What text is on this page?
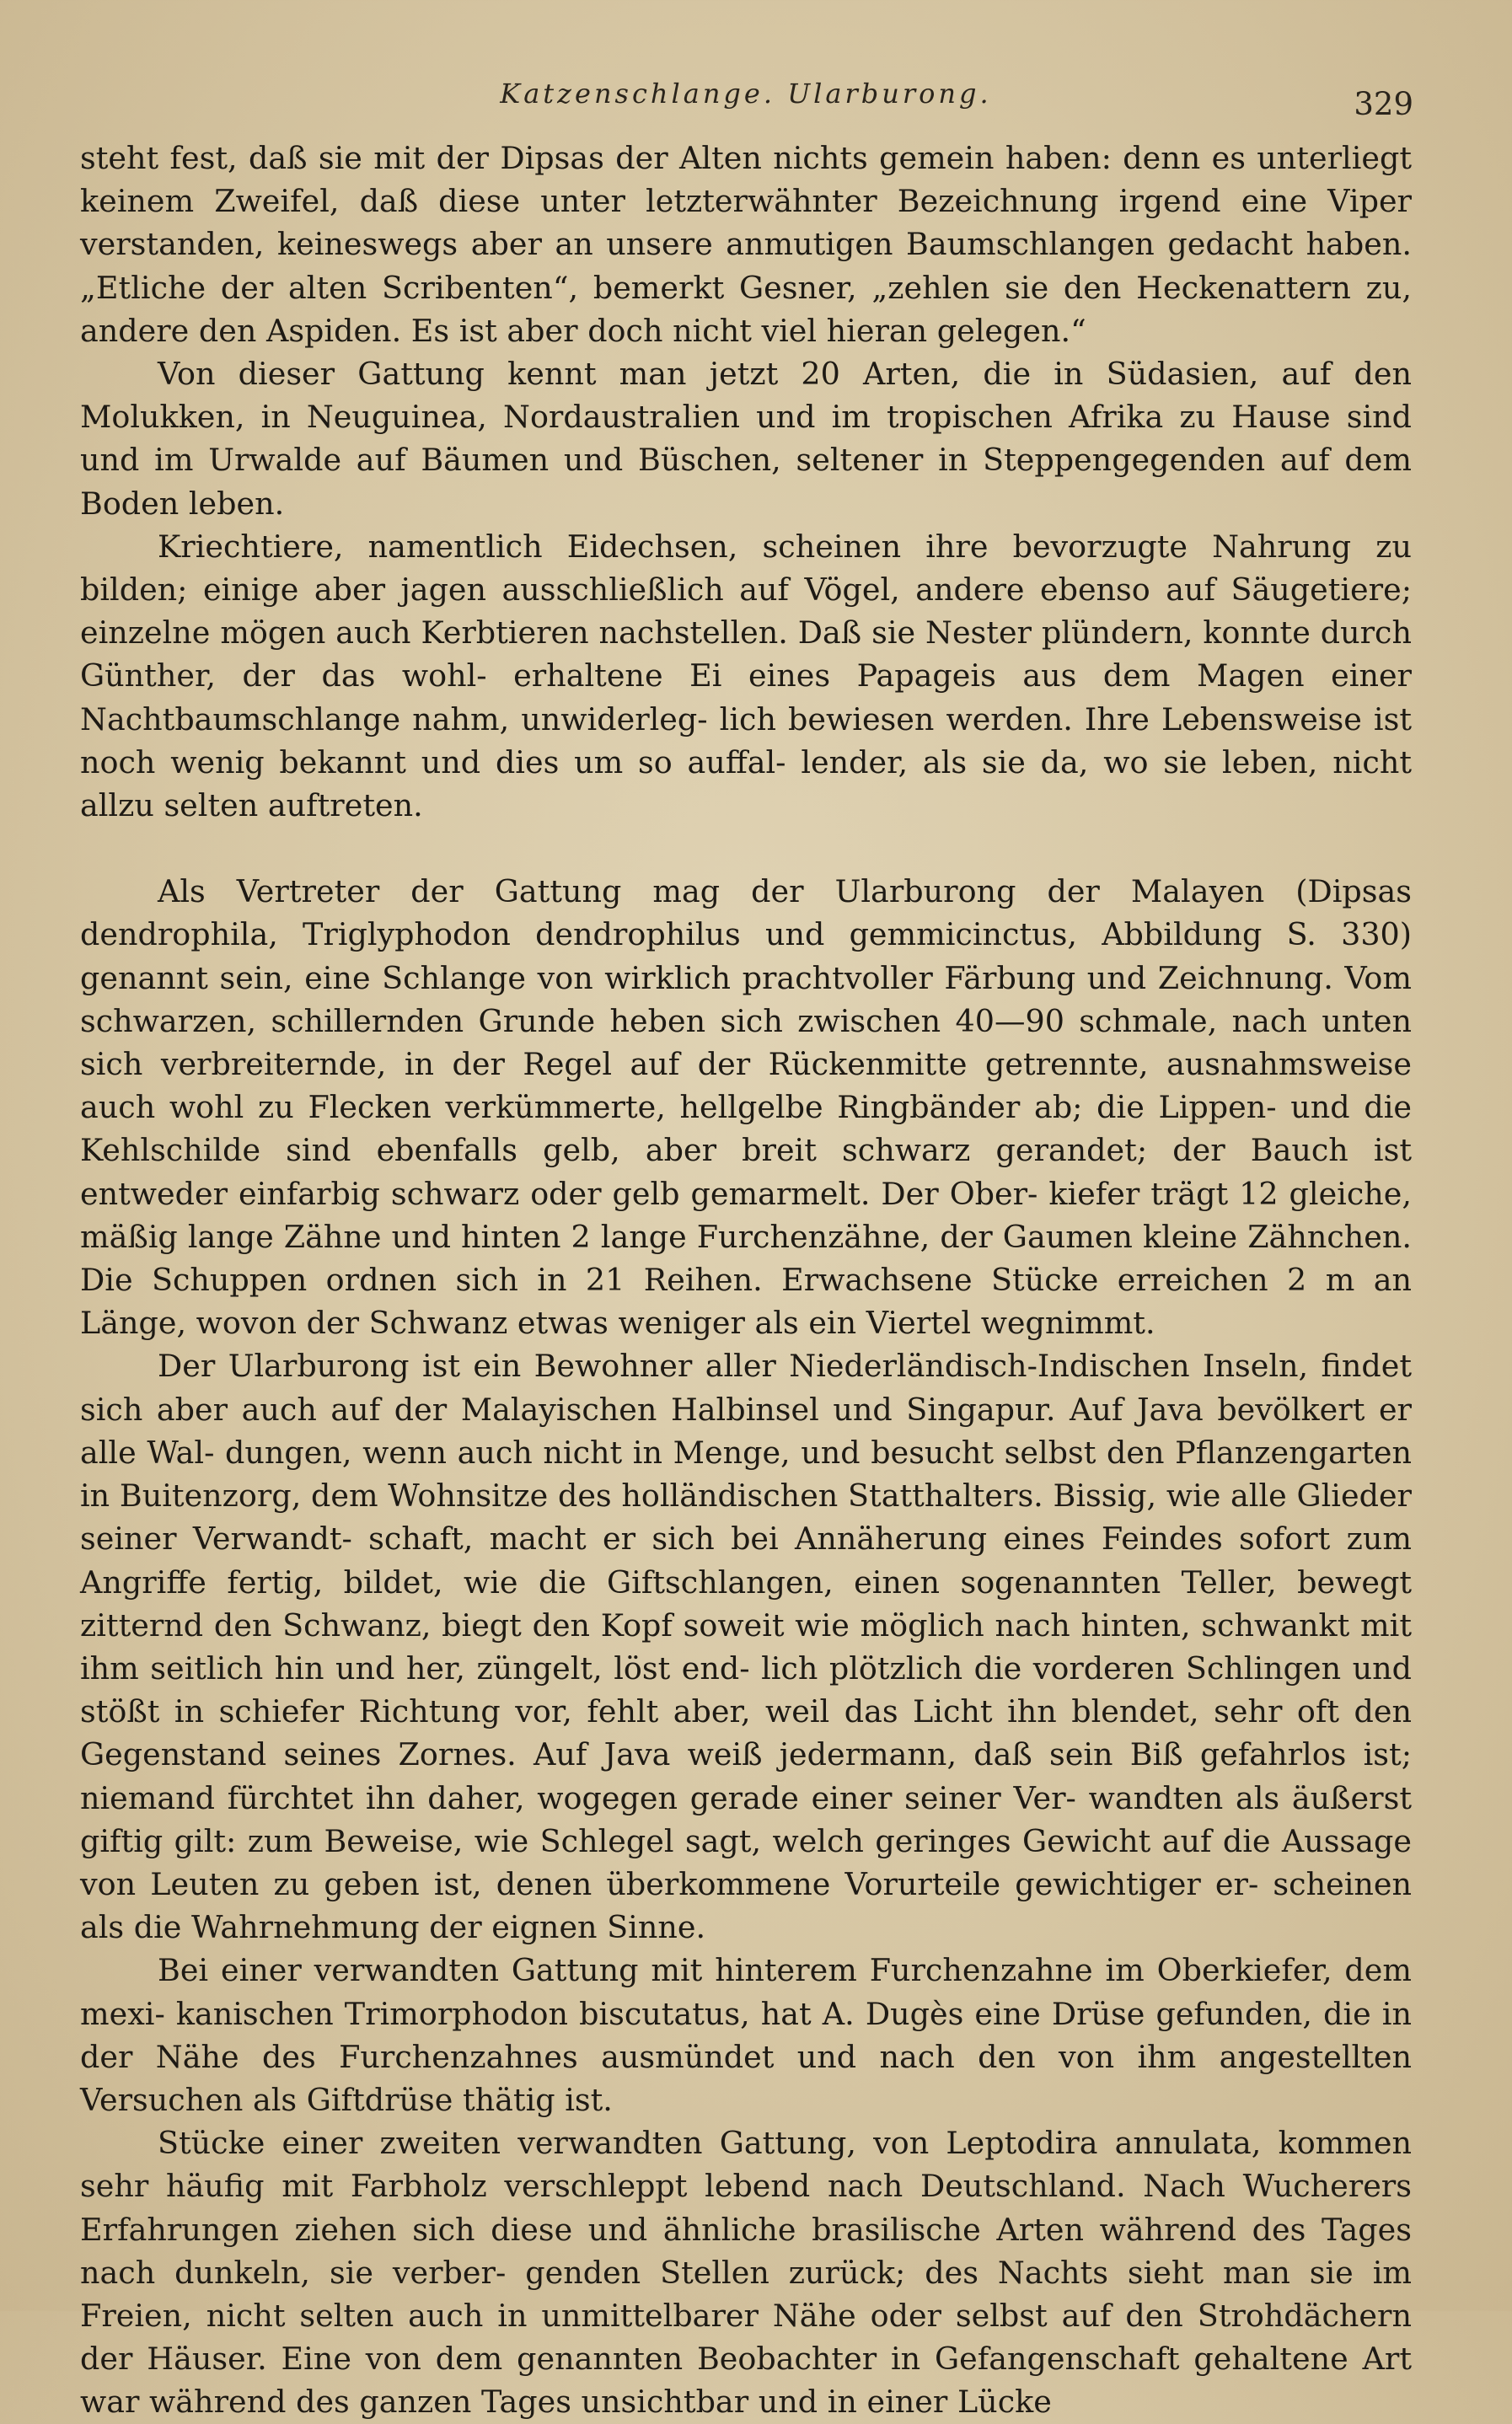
Katzenschlange. Ularburong.	329

steht fest, daß sie mit der Dipsas der Alten nichts gemein haben: denn es unterliegt keinem Zweifel, daß diese unter letzterwähnter Bezeichnung irgend eine Viper verstanden, keineswegs aber an unsere anmutigen Baumschlangen gedacht haben. „Etliche der alten Scribenten“, bemerkt Gesner, „zehlen sie den Heckenattern zu, andere den Aspiden. Es ist aber doch nicht viel hieran gelegen.“

Von dieser Gattung kennt man jetzt 20 Arten, die in Südasien, auf den Molukken, in Neuguinea, Nordaustralien und im tropischen Afrika zu Hause sind und im Urwalde auf Bäumen und Büschen, seltener in Steppengegenden auf dem Boden leben.

Kriechtiere, namentlich Eidechsen, scheinen ihre bevorzugte Nahrung zu bilden; einige aber jagen ausschließlich auf Vögel, andere ebenso auf Säugetiere; einzelne mögen auch Kerbtieren nachstellen. Daß sie Nester plündern, konnte durch Günther, der das wohl- erhaltene Ei eines Papageis aus dem Magen einer Nachtbaumschlange nahm, unwiderleg- lich bewiesen werden. Ihre Lebensweise ist noch wenig bekannt und dies um so auffal- lender, als sie da, wo sie leben, nicht allzu selten auftreten.

Als Vertreter der Gattung mag der Ularburong der Malayen (Dipsas dendrophila, Triglyphodon dendrophilus und gemmicinctus, Abbildung S. 330) genannt sein, eine Schlange von wirklich prachtvoller Färbung und Zeichnung. Vom schwarzen, schillernden Grunde heben sich zwischen 40—90 schmale, nach unten sich verbreiternde, in der Regel auf der Rückenmitte getrennte, ausnahmsweise auch wohl zu Flecken verkümmerte, hellgelbe Ringbänder ab; die Lippen- und die Kehlschilde sind ebenfalls gelb, aber breit schwarz gerandet; der Bauch ist entweder einfarbig schwarz oder gelb gemarmelt. Der Ober- kiefer trägt 12 gleiche, mäßig lange Zähne und hinten 2 lange Furchenzähne, der Gaumen kleine Zähnchen. Die Schuppen ordnen sich in 21 Reihen. Erwachsene Stücke erreichen 2 m an Länge, wovon der Schwanz etwas weniger als ein Viertel wegnimmt.

Der Ularburong ist ein Bewohner aller Niederländisch-Indischen Inseln, findet sich aber auch auf der Malayischen Halbinsel und Singapur. Auf Java bevölkert er alle Wal- dungen, wenn auch nicht in Menge, und besucht selbst den Pflanzengarten in Buitenzorg, dem Wohnsitze des holländischen Statthalters. Bissig, wie alle Glieder seiner Verwandt- schaft, macht er sich bei Annäherung eines Feindes sofort zum Angriffe fertig, bildet, wie die Giftschlangen, einen sogenannten Teller, bewegt zitternd den Schwanz, biegt den Kopf soweit wie möglich nach hinten, schwankt mit ihm seitlich hin und her, züngelt, löst end- lich plötzlich die vorderen Schlingen und stößt in schiefer Richtung vor, fehlt aber, weil das Licht ihn blendet, sehr oft den Gegenstand seines Zornes. Auf Java weiß jedermann, daß sein Biß gefahrlos ist; niemand fürchtet ihn daher, wogegen gerade einer seiner Ver- wandten als äußerst giftig gilt: zum Beweise, wie Schlegel sagt, welch geringes Gewicht auf die Aussage von Leuten zu geben ist, denen überkommene Vorurteile gewichtiger er- scheinen als die Wahrnehmung der eignen Sinne.

Bei einer verwandten Gattung mit hinterem Furchenzahne im Oberkiefer, dem mexi- kanischen Trimorphodon biscutatus, hat A. Dugès eine Drüse gefunden, die in der Nähe des Furchenzahnes ausmündet und nach den von ihm angestellten Versuchen als Giftdrüse thätig ist.

Stücke einer zweiten verwandten Gattung, von Leptodira annulata, kommen sehr häufig mit Farbholz verschleppt lebend nach Deutschland. Nach Wucherers Erfahrungen ziehen sich diese und ähnliche brasilische Arten während des Tages nach dunkeln, sie verber- genden Stellen zurück; des Nachts sieht man sie im Freien, nicht selten auch in unmittelbarer Nähe oder selbst auf den Strohdächern der Häuser. Eine von dem genannten Beobachter in Gefangenschaft gehaltene Art war während des ganzen Tages unsichtbar und in einer Lücke
